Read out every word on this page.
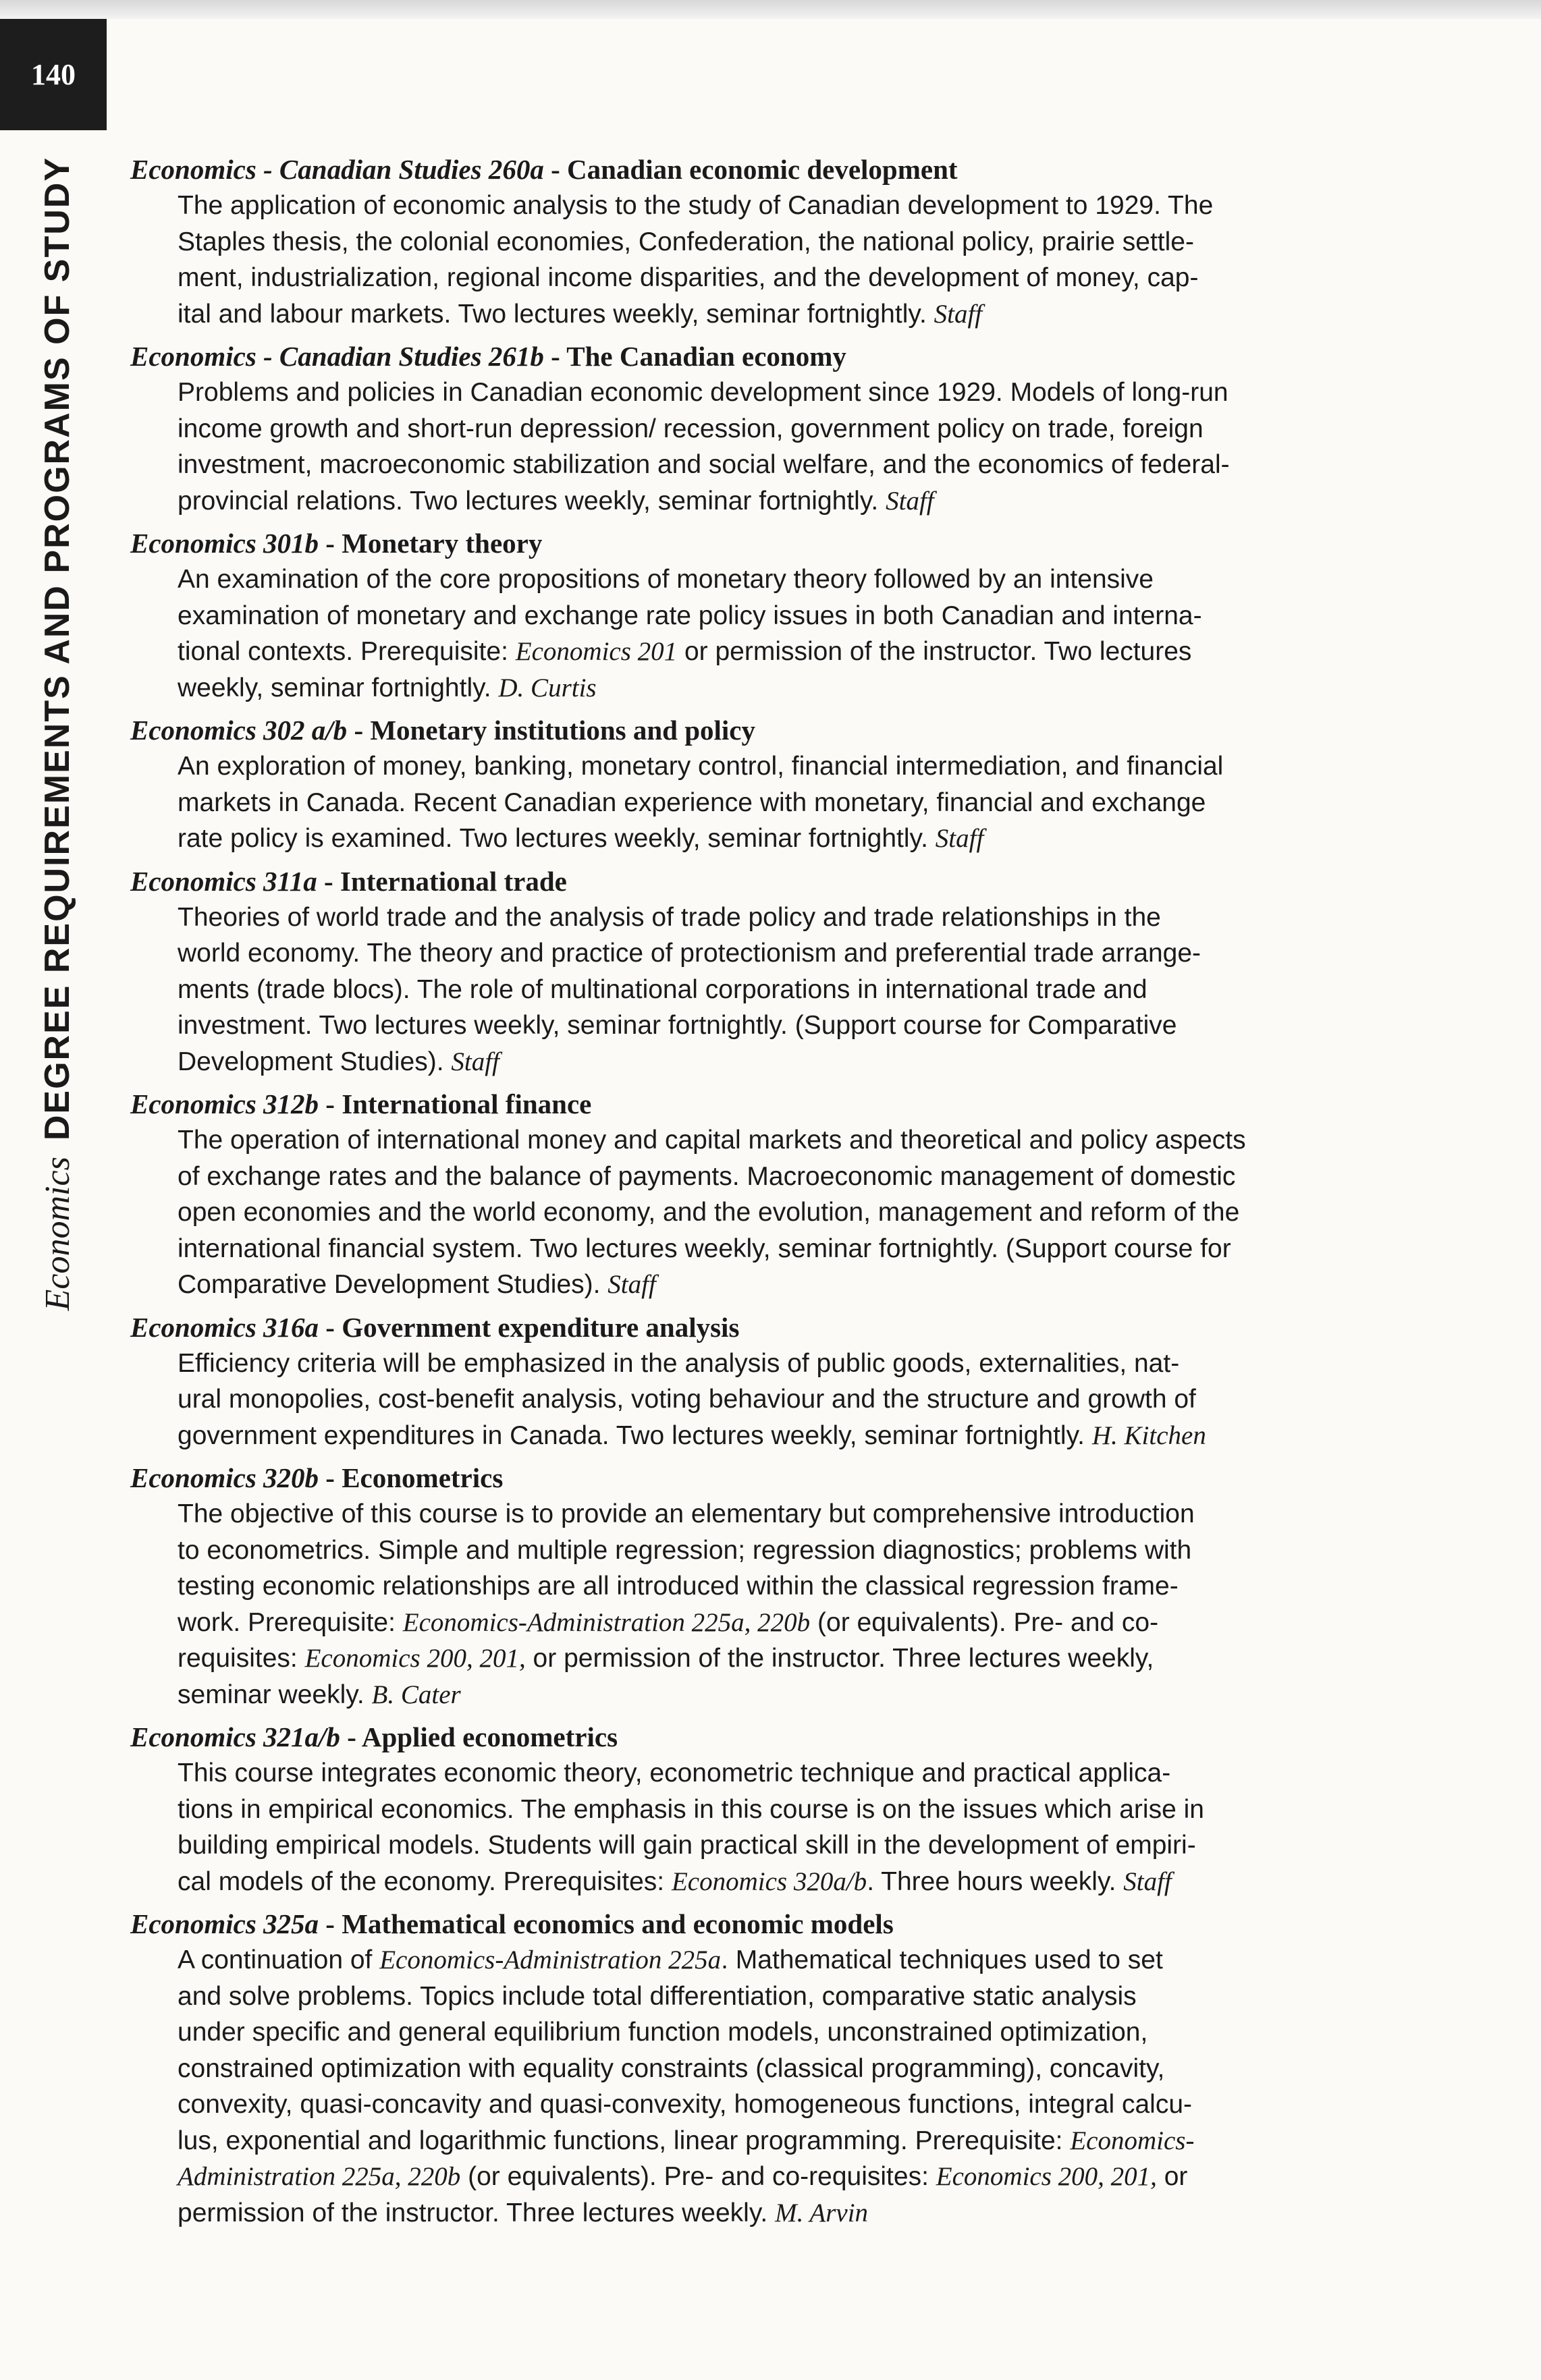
140
Economics
DEGREE REQUIREMENTS AND PROGRAMS OF STUDY Economics - Canadian Studies 260a - Canadian economic development
The application of economic analysis to the study of Canadian development to 1929. The
Staples thesis, the colonial economies, Confederation, the national policy, prairie settle-
ment, industrialization, regional income disparities, and the development of money, cap-
ital and labour markets. Two lectures weekly, seminar fortnightly. Staff
Economics - Canadian Studies 261b - The Canadian economy
Problems and policies in Canadian economic development since 1929. Models of long-run
income growth and short-run depression/ recession, government policy on trade, foreign
investment, macroeconomic stabilization and social welfare, and the economics of federal-
provincial relations. Two lectures weekly, seminar fortnightly. Staff
Economics 301b - Monetary theory
An examination of the core propositions of monetary theory followed by an intensive
examination of monetary and exchange rate policy issues in both Canadian and interna-
tional contexts. Prerequisite: Economics 201 or permission of the instructor. Two lectures
weekly, seminar fortnightly. D. Curtis
Economics 302 a/b - Monetary institutions and policy
An exploration of money, banking, monetary control, financial intermediation, and financial
markets in Canada. Recent Canadian experience with monetary, financial and exchange
rate policy is examined. Two lectures weekly, seminar fortnightly. Staff
Economics 311a - International trade
Theories of world trade and the analysis of trade policy and trade relationships in the
world economy. The theory and practice of protectionism and preferential trade arrange-
ments (trade blocs). The role of multinational corporations in international trade and
investment. Two lectures weekly, seminar fortnightly. (Support course for Comparative
Development Studies). Staff
Economics 312b - International finance
The operation of international money and capital markets and theoretical and policy aspects
of exchange rates and the balance of payments. Macroeconomic management of domestic
open economies and the world economy, and the evolution, management and reform of the
international financial system. Two lectures weekly, seminar fortnightly. (Support course for
Comparative Development Studies). Staff
Economics 316a - Government expenditure analysis
Efficiency criteria will be emphasized in the analysis of public goods, externalities, nat-
ural monopolies, cost-benefit analysis, voting behaviour and the structure and growth of
government expenditures in Canada. Two lectures weekly, seminar fortnightly. H. Kitchen
Economics 320b - Econometrics
The objective of this course is to provide an elementary but comprehensive introduction
to econometrics. Simple and multiple regression; regression diagnostics; problems with
testing economic relationships are all introduced within the classical regression frame-
work. Prerequisite: Economics-Administration 225a, 220b (or equivalents). Pre- and co-
requisites: Economics 200, 201, or permission of the instructor. Three lectures weekly,
seminar weekly. B. Cater
Economics 321a/b - Applied econometrics
This course integrates economic theory, econometric technique and practical applica-
tions in empirical economics. The emphasis in this course is on the issues which arise in
building empirical models. Students will gain practical skill in the development of empiri-
cal models of the economy. Prerequisites: Economics 320a/b. Three hours weekly. Staff
Economics 325a - Mathematical economics and economic models
A continuation of Economics-Administration 225a. Mathematical techniques used to set
and solve problems. Topics include total differentiation, comparative static analysis
under specific and general equilibrium function models, unconstrained optimization,
constrained optimization with equality constraints (classical programming), concavity,
convexity, quasi-concavity and quasi-convexity, homogeneous functions, integral calcu-
lus, exponential and logarithmic functions, linear programming. Prerequisite: Economics-
Administration 225a, 220b (or equivalents). Pre- and co-requisites: Economics 200, 201, or
permission of the instructor. Three lectures weekly. M. Arvin
